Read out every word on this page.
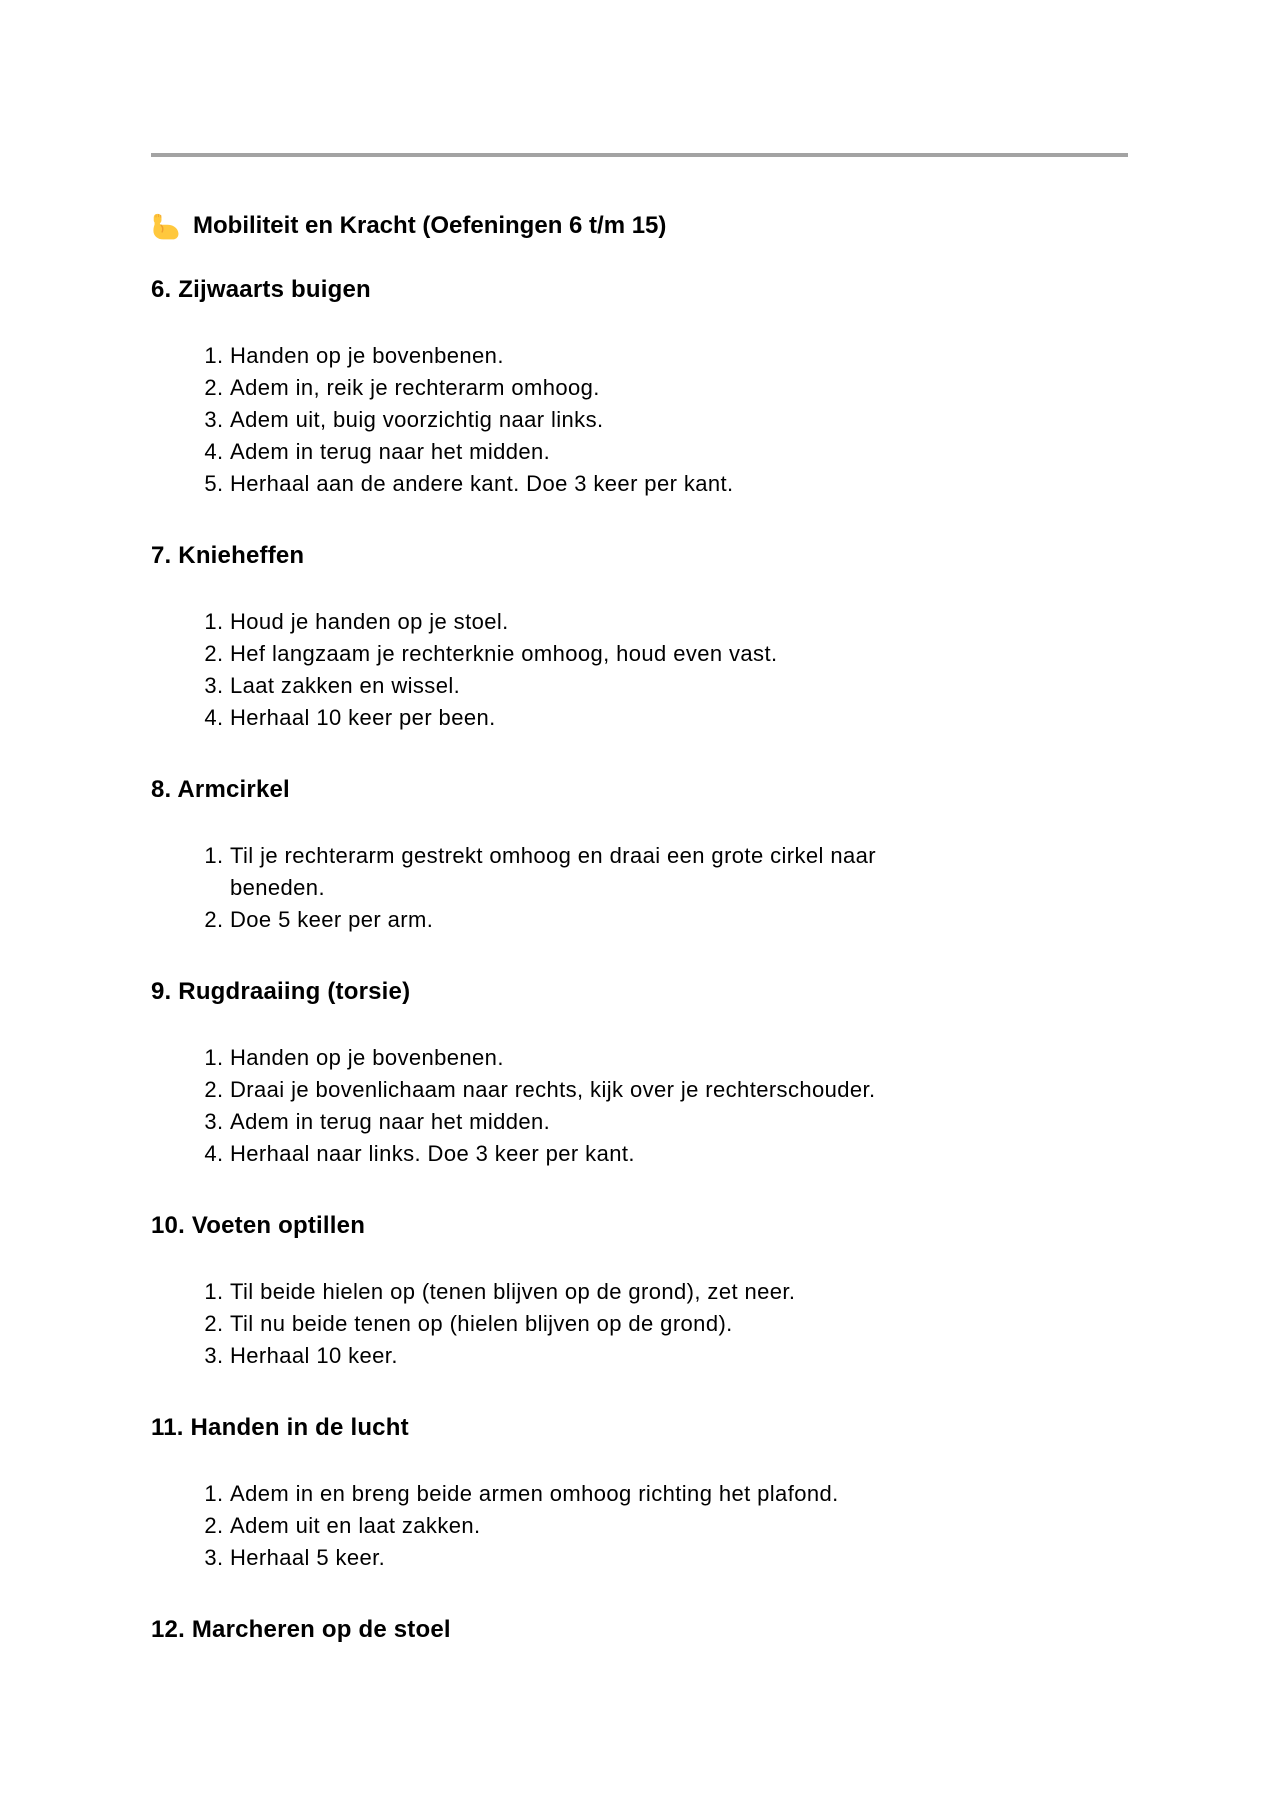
Mobiliteit en Kracht (Oefeningen 6 t/m 15)
6. Zijwaarts buigen
1. Handen op je bovenbenen.
2. Adem in, reik je rechterarm omhoog.
3. Adem uit, buig voorzichtig naar links.
4. Adem in terug naar het midden.
5. Herhaal aan de andere kant. Doe 3 keer per kant.
7. Knieheffen
1. Houd je handen op je stoel.
2. Hef langzaam je rechterknie omhoog, houd even vast.
3. Laat zakken en wissel.
4. Herhaal 10 keer per been.
8. Armcirkel
1. Til je rechterarm gestrekt omhoog en draai een grote cirkel naar beneden.
2. Doe 5 keer per arm.
9. Rugdraaiing (torsie)
1. Handen op je bovenbenen.
2. Draai je bovenlichaam naar rechts, kijk over je rechterschouder.
3. Adem in terug naar het midden.
4. Herhaal naar links. Doe 3 keer per kant.
10. Voeten optillen
1. Til beide hielen op (tenen blijven op de grond), zet neer.
2. Til nu beide tenen op (hielen blijven op de grond).
3. Herhaal 10 keer.
11. Handen in de lucht
1. Adem in en breng beide armen omhoog richting het plafond.
2. Adem uit en laat zakken.
3. Herhaal 5 keer.
12. Marcheren op de stoel
